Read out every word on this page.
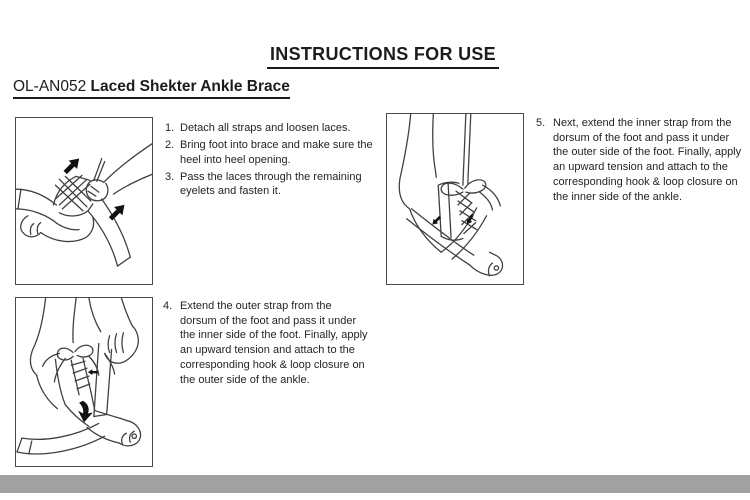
INSTRUCTIONS FOR USE
OL-AN052 Laced Shekter Ankle Brace
1. Detach all straps and loosen laces.
2. Bring foot into brace and make sure the
heel into heel opening.
3. Pass the laces through the remaining
eyelets and fasten it.
5. Next, extend the inner strap from the
dorsum of the foot and pass it under
the outer side of the foot. Finally, apply
an upward tension and attach to the
corresponding hook & loop closure on
the inner side of the ankle.
4. Extend the outer strap from the
dorsum of the foot and pass it under
the inner side of the foot. Finally, apply
an upward tension and attach to the
corresponding hook & loop closure on
the outer side of the ankle.
